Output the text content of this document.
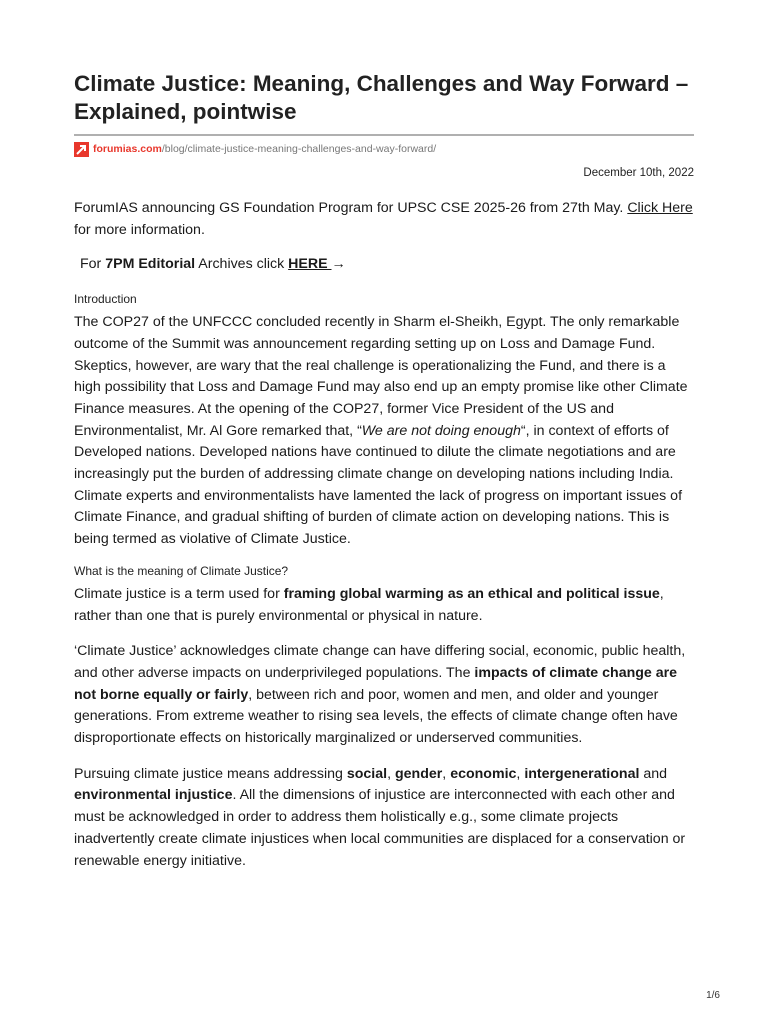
Climate Justice: Meaning, Challenges and Way Forward – Explained, pointwise
forumias.com /blog/climate-justice-meaning-challenges-and-way-forward/
December 10th, 2022

ForumIAS announcing GS Foundation Program for UPSC CSE 2025-26 from 27th May. Click Here for more information.

For 7PM Editorial Archives click HERE →

Introduction

The COP27 of the UNFCCC concluded recently in Sharm el-Sheikh, Egypt. The only remarkable outcome of the Summit was announcement regarding setting up on Loss and Damage Fund. Skeptics, however, are wary that the real challenge is operationalizing the Fund, and there is a high possibility that Loss and Damage Fund may also end up an empty promise like other Climate Finance measures. At the opening of the COP27, former Vice President of the US and Environmentalist, Mr. Al Gore remarked that, “We are not doing enough“, in context of efforts of Developed nations. Developed nations have continued to dilute the climate negotiations and are increasingly put the burden of addressing climate change on developing nations including India. Climate experts and environmentalists have lamented the lack of progress on important issues of Climate Finance, and gradual shifting of burden of climate action on developing nations. This is being termed as violative of Climate Justice.

What is the meaning of Climate Justice?

Climate justice is a term used for framing global warming as an ethical and political issue, rather than one that is purely environmental or physical in nature.

‘Climate Justice’ acknowledges climate change can have differing social, economic, public health, and other adverse impacts on underprivileged populations. The impacts of climate change are not borne equally or fairly, between rich and poor, women and men, and older and younger generations. From extreme weather to rising sea levels, the effects of climate change often have disproportionate effects on historically marginalized or underserved communities.

Pursuing climate justice means addressing social, gender, economic, intergenerational and environmental injustice. All the dimensions of injustice are interconnected with each other and must be acknowledged in order to address them holistically e.g., some climate projects inadvertently create climate injustices when local communities are displaced for a conservation or renewable energy initiative.

1/6
